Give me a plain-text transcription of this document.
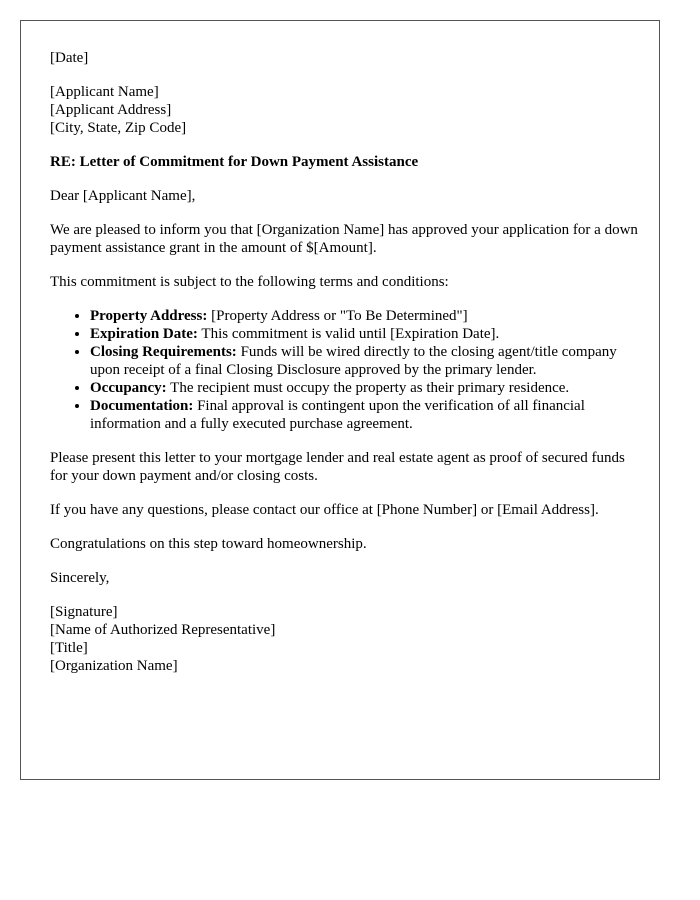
[Date]

[Applicant Name]
[Applicant Address]
[City, State, Zip Code]

RE: Letter of Commitment for Down Payment Assistance

Dear [Applicant Name],

We are pleased to inform you that [Organization Name] has approved your application for a down payment assistance grant in the amount of $[Amount].

This commitment is subject to the following terms and conditions:

• Property Address: [Property Address or "To Be Determined"]
• Expiration Date: This commitment is valid until [Expiration Date].
• Closing Requirements: Funds will be wired directly to the closing agent/title company upon receipt of a final Closing Disclosure approved by the primary lender.
• Occupancy: The recipient must occupy the property as their primary residence.
• Documentation: Final approval is contingent upon the verification of all financial information and a fully executed purchase agreement.

Please present this letter to your mortgage lender and real estate agent as proof of secured funds for your down payment and/or closing costs.

If you have any questions, please contact our office at [Phone Number] or [Email Address].

Congratulations on this step toward homeownership.

Sincerely,

[Signature]
[Name of Authorized Representative]
[Title]
[Organization Name]
